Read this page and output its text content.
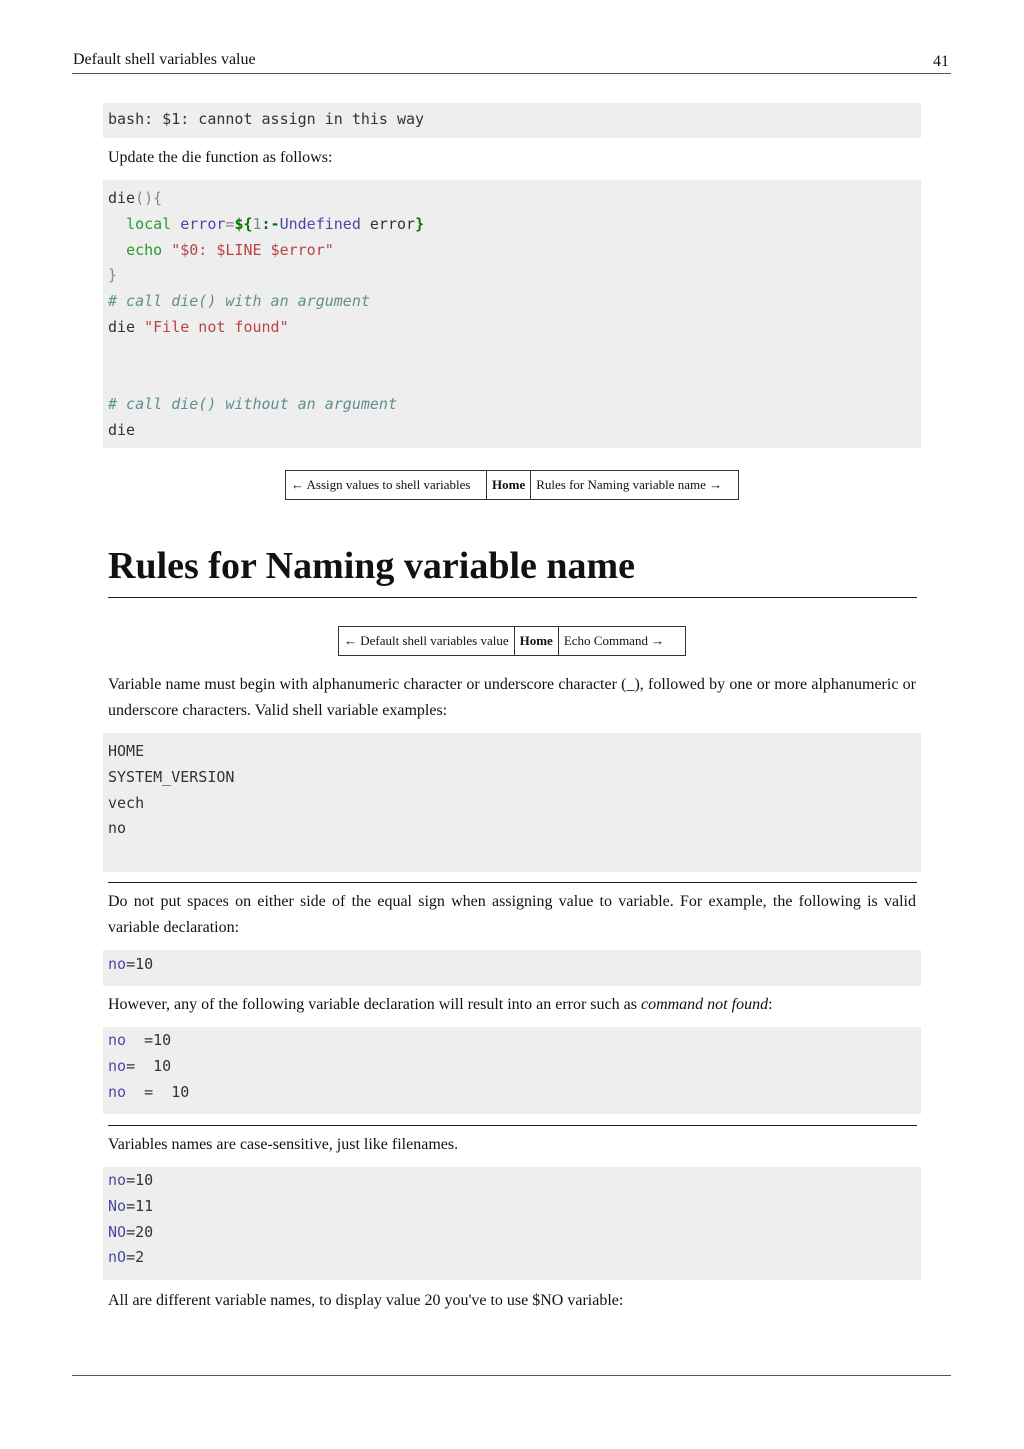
Default shell variables value	41
bash: $1: cannot assign in this way
Update the die function as follows:
die(){
local error=${1:-Undefined error}
echo "$0: $LINE $error"
}
# call die() with an argument
die "File not found"
# call die() without an argument
die
← Assign values to shell variables	Home Rules for Naming variable name →
Rules for Naming variable name
← Default shell variables value Home Echo Command →
Variable name must begin with alphanumeric character or underscore character (_), followed by one or more alphanumeric or underscore characters. Valid shell variable examples:
HOME
SYSTEM_VERSION
vech
no
Do not put spaces on either side of the equal sign when assigning value to variable. For example, the following is valid variable declaration:
no=10
However, any of the following variable declaration will result into an error such as command not found:
no  =10
no=  10
no  =  10
Variables names are case-sensitive, just like filenames.
no=10
No=11
NO=20
nO=2
All are different variable names, to display value 20 you've to use $NO variable:
